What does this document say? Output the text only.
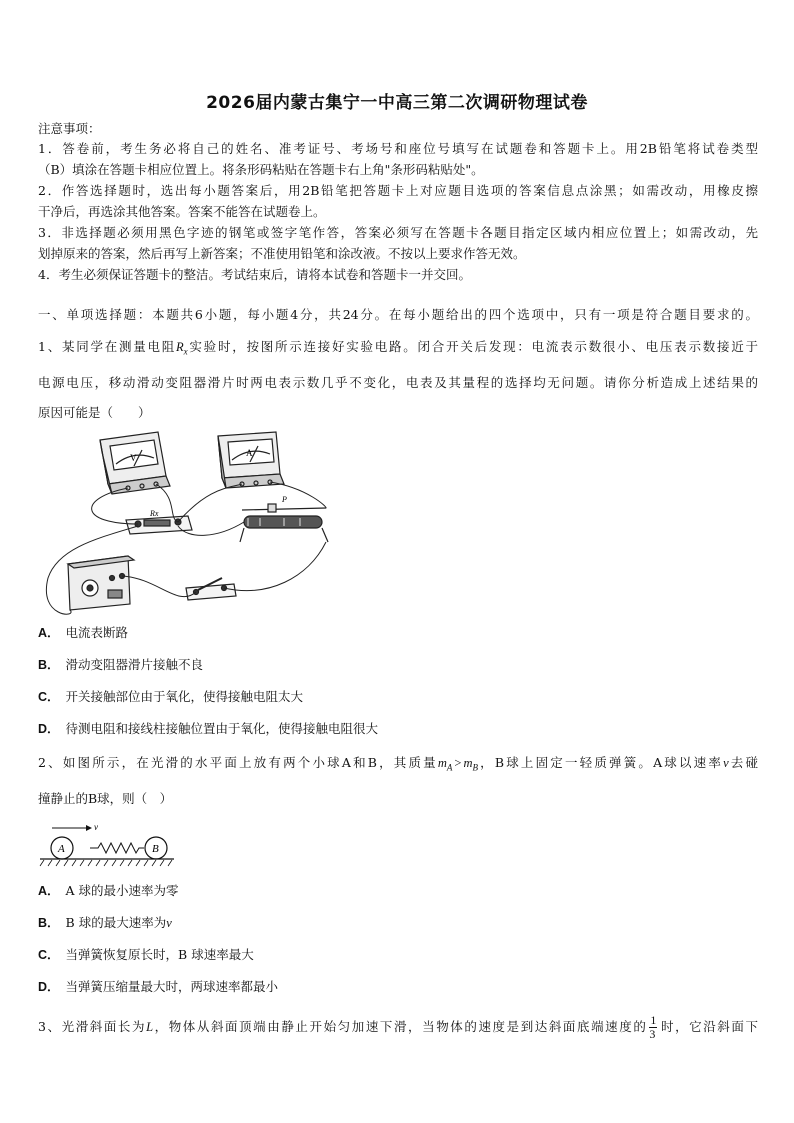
2026届内蒙古集宁一中高三第二次调研物理试卷
注意事项：
1．答卷前，考生务必将自己的姓名、准考证号、考场号和座位号填写在试题卷和答题卡上。用2B铅笔将试卷类型
（B）填涂在答题卡相应位置上。将条形码粘贴在答题卡右上角"条形码粘贴处"。
2．作答选择题时，选出每小题答案后，用2B铅笔把答题卡上对应题目选项的答案信息点涂黑；如需改动，用橡皮擦
干净后，再选涂其他答案。答案不能答在试题卷上。
3．非选择题必须用黑色字迹的钢笔或签字笔作答，答案必须写在答题卡各题目指定区域内相应位置上；如需改动，先
划掉原来的答案，然后再写上新答案；不准使用铅笔和涂改液。不按以上要求作答无效。
4．考生必须保证答题卡的整洁。考试结束后，请将本试卷和答题卡一并交回。
一、单项选择题：本题共6小题，每小题4分，共24分。在每小题给出的四个选项中，只有一项是符合题目要求的。
1、某同学在测量电阻$R_x$实验时，按图所示连接好实验电路。闭合开关后发现：电流表示数很小、电压表示数接近于
电源电压，移动滑动变阻器滑片时两电表示数几乎不变化，电表及其量程的选择均无问题。请你分析造成上述结果的
原因可能是（　　）
V	A
Rx
P
A． 电流表断路
B． 滑动变阻器滑片接触不良
C． 开关接触部位由于氧化，使得接触电阻太大
D． 待测电阻和接线柱接触位置由于氧化，使得接触电阻很大
2、如图所示，在光滑的水平面上放有两个小球A和B，其质量$m_A > m_B$，B球上固定一轻质弹簧。A球以速率v去碰
撞静止的B球，则（　）
v
A	B
A． A 球的最小速率为零
B． B 球的最大速率为v
C． 当弹簧恢复原长时，B 球速率最大
D． 当弹簧压缩量最大时，两球速率都最小
3、光滑斜面长为L，物体从斜面顶端由静止开始匀加速下滑，当物体的速度是到达斜面底端速度的 $\frac{1}{3}$ 时，它沿斜面下
